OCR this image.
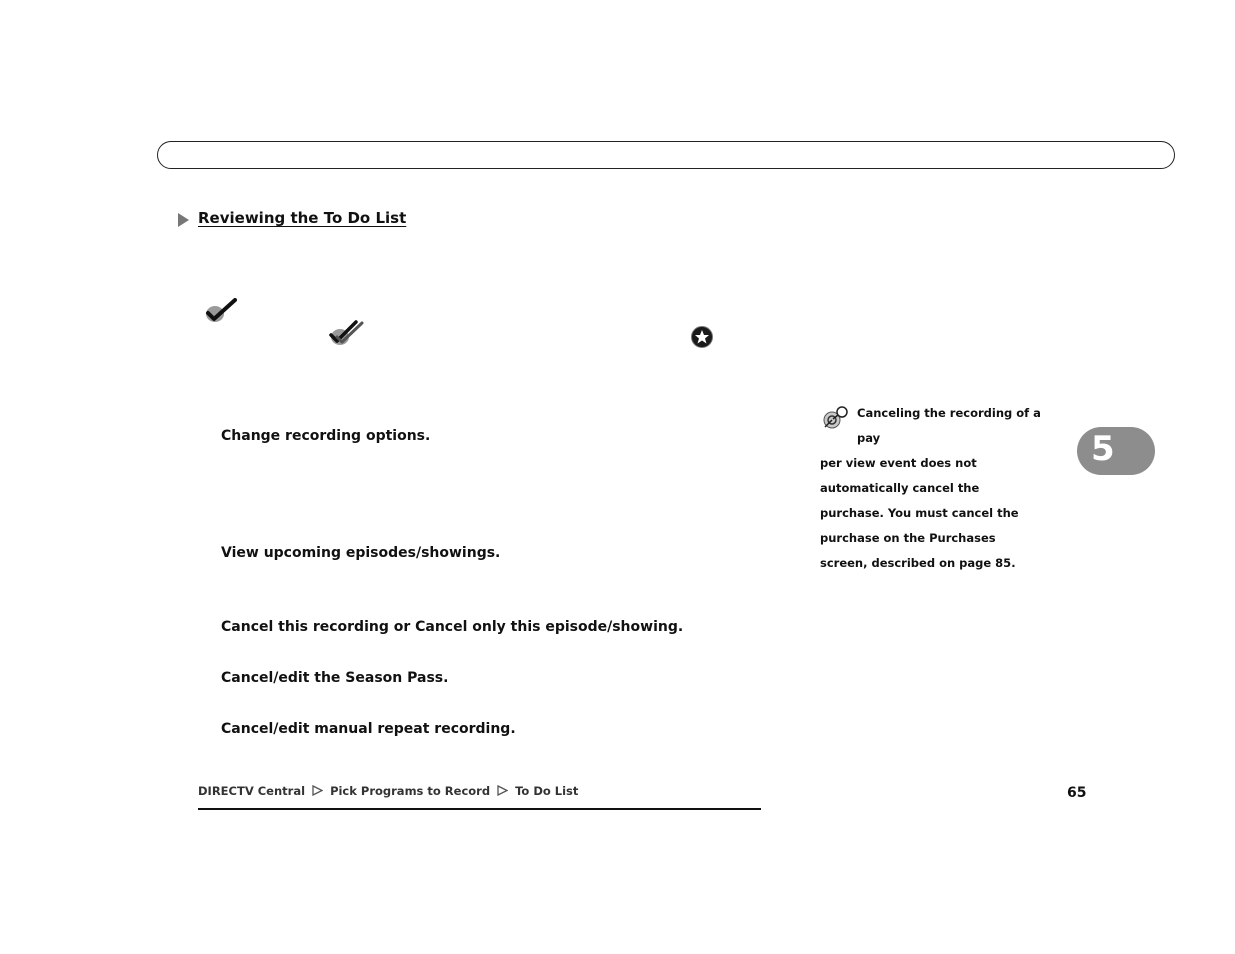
Reviewing the To Do List
Change recording options.
View upcoming episodes/showings.
Cancel this recording or Cancel only this episode/showing.
Cancel/edit the Season Pass.
Cancel/edit manual repeat recording.
Canceling the recording of a pay
per view event does not automatically cancel the purchase. You must cancel the purchase on the Purchases screen, described on page 85.
5
DIRECTV Central Pick Programs to Record To Do List	65
